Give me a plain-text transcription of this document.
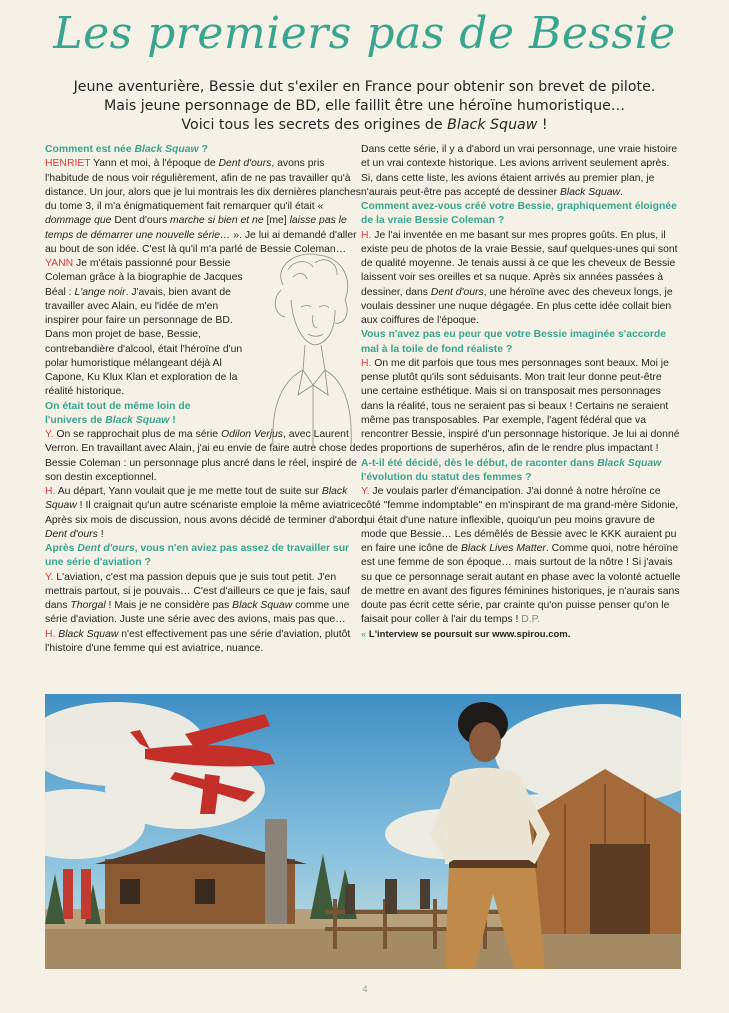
Les premiers pas de Bessie
Jeune aventurière, Bessie dut s'exiler en France pour obtenir son brevet de pilote.
Mais jeune personnage de BD, elle faillit être une héroïne humoristique…
Voici tous les secrets des origines de Black Squaw !

Comment est née Black Squaw ?

HENRIET Yann et moi, à l'époque de Dent d'ours, avons pris l'habitude de nous voir régulièrement, afin de ne pas travailler qu'à distance. Un jour, alors que je lui montrais les dix dernières planches du tome 3, il m'a énigmatiquement fait remarquer qu'il était « dommage que Dent d'ours marche si bien et ne [me] laisse pas le temps de démarrer une nouvelle série… ». Je lui ai demandé d'aller au bout de son idée. C'est là qu'il m'a parlé de Bessie Coleman…

YANN Je m'étais passionné pour Bessie Coleman grâce à la biographie de Jacques Béal : L'ange noir. J'avais, bien avant de travailler avec Alain, eu l'idée de m'en inspirer pour faire un personnage de BD. Dans mon projet de base, Bessie, contrebandière d'alcool, était l'héroïne d'un polar humoristique mélangeant déjà Al Capone, Ku Klux Klan et exploration de la réalité historique.

On était tout de même loin de l'univers de Black Squaw !

Y. On se rapprochait plus de ma série Odilon Verjus, avec Laurent Verron. En travaillant avec Alain, j'ai eu envie de faire autre chose de Bessie Coleman : un personnage plus ancré dans le réel, inspiré de son destin exceptionnel.

H. Au départ, Yann voulait que je me mette tout de suite sur Black Squaw ! Il craignait qu'un autre scénariste emploie la même aviatrice. Après six mois de discussion, nous avons décidé de terminer d'abord Dent d'ours !

Après Dent d'ours, vous n'en aviez pas assez de travailler sur une série d'aviation ?

Y. L'aviation, c'est ma passion depuis que je suis tout petit. J'en mettrais partout, si je pouvais… C'est d'ailleurs ce que je fais, sauf dans Thorgal ! Mais je ne considère pas Black Squaw comme une série d'aviation. Juste une série avec des avions, mais pas que…

H. Black Squaw n'est effectivement pas une série d'aviation, plutôt l'histoire d'une femme qui est aviatrice, nuance.

Dans cette série, il y a d'abord un vrai personnage, une vraie histoire et un vrai contexte historique. Les avions arrivent seulement après. Si, dans cette liste, les avions étaient arrivés au premier plan, je n'aurais peut-être pas accepté de dessiner Black Squaw.

Comment avez-vous créé votre Bessie, graphiquement éloignée de la vraie Bessie Coleman ?

H. Je l'ai inventée en me basant sur mes propres goûts. En plus, il existe peu de photos de la vraie Bessie, sauf quelques-unes qui sont de qualité moyenne. Je tenais aussi à ce que les cheveux de Bessie laissent voir ses oreilles et sa nuque. Après six années passées à dessiner, dans Dent d'ours, une héroïne avec des cheveux longs, je voulais dessiner une nuque dégagée. En plus cette idée collait bien aux coiffures de l'époque.

Vous n'avez pas eu peur que votre Bessie imaginée s'accorde mal à la toile de fond réaliste ?

H. On me dit parfois que tous mes personnages sont beaux. Moi je pense plutôt qu'ils sont séduisants. Mon trait leur donne peut-être une certaine esthétique. Mais si on transposait mes personnages dans la réalité, tous ne seraient pas si beaux ! Certains ne seraient même pas transposables. Par exemple, l'agent fédéral que va rencontrer Bessie, inspiré d'un personnage historique. Je lui ai donné des proportions de superhéros, afin de le rendre plus impactant !

A-t-il été décidé, dès le début, de raconter dans Black Squaw l'évolution du statut des femmes ?

Y. Je voulais parler d'émancipation. J'ai donné à notre héroïne ce côté "femme indomptable" en m'inspirant de ma grand-mère Sidonie, qui était d'une nature inflexible, quoiqu'un peu moins gravure de mode que Bessie… Les démêlés de Bessie avec le KKK auraient pu en faire une icône de Black Lives Matter. Comme quoi, notre héroïne est une femme de son époque… mais surtout de la nôtre ! Si j'avais su que ce personnage serait autant en phase avec la volonté actuelle de mettre en avant des figures féminines historiques, je n'aurais sans doute pas écrit cette série, par crainte qu'on puisse penser qu'on le faisait pour coller à l'air du temps ! D.P.

« L'interview se poursuit sur www.spirou.com.

4
